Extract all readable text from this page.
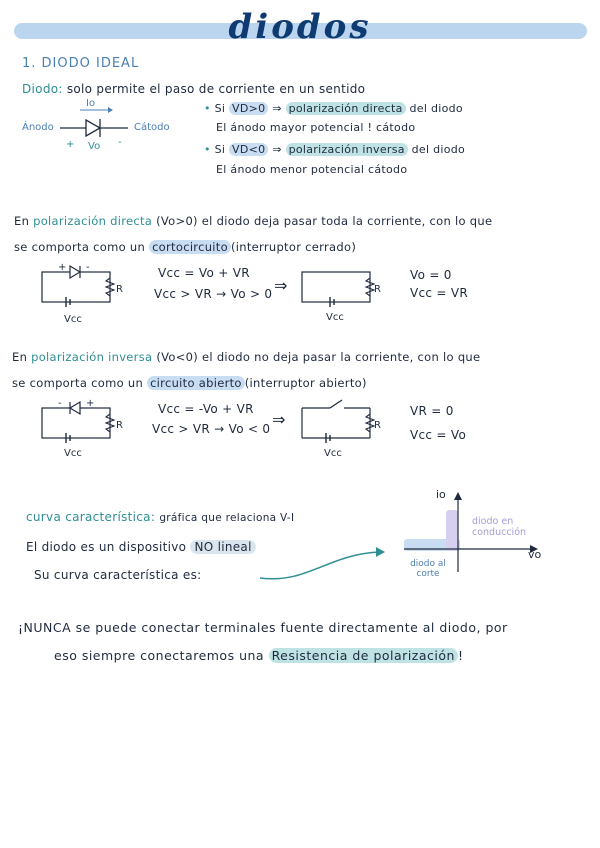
diodos
1. DIODO IDEAL
Diodo: solo permite el paso de corriente en un sentido
Io
Ánodo	Cátodo
+ Vo -
• Si VD>0 ⇒ polarización directa del diodo
El ánodo mayor potencial ! cátodo
• Si VD<0 ⇒ polarización inversa del diodo
El ánodo menor potencial cátodo
En polarización directa (Vo>0) el diodo deja pasar toda la corriente, con lo que
se comporta como un cortocircuito (interruptor cerrado)
+ -
R
Vcc
Vcc = Vo + VR
Vcc > VR → Vo > 0 ⇒	R
Vcc
Vo = 0
Vcc = VR
En polarización inversa (Vo<0) el diodo no deja pasar la corriente, con lo que
se comporta como un circuito abierto (interruptor abierto)
- +
R
Vcc
Vcc = -Vo + VR
Vcc > VR → Vo < 0 ⇒	R
Vcc
VR = 0
Vcc = Vo
curva característica: gráfica que relaciona V-I
El diodo es un dispositivo NO lineal
Su curva característica es:
io
vo
diodo en conducción
diodo al corte
¡NUNCA se puede conectar terminales fuente directamente al diodo, por
eso siempre conectaremos una Resistencia de polarización !
